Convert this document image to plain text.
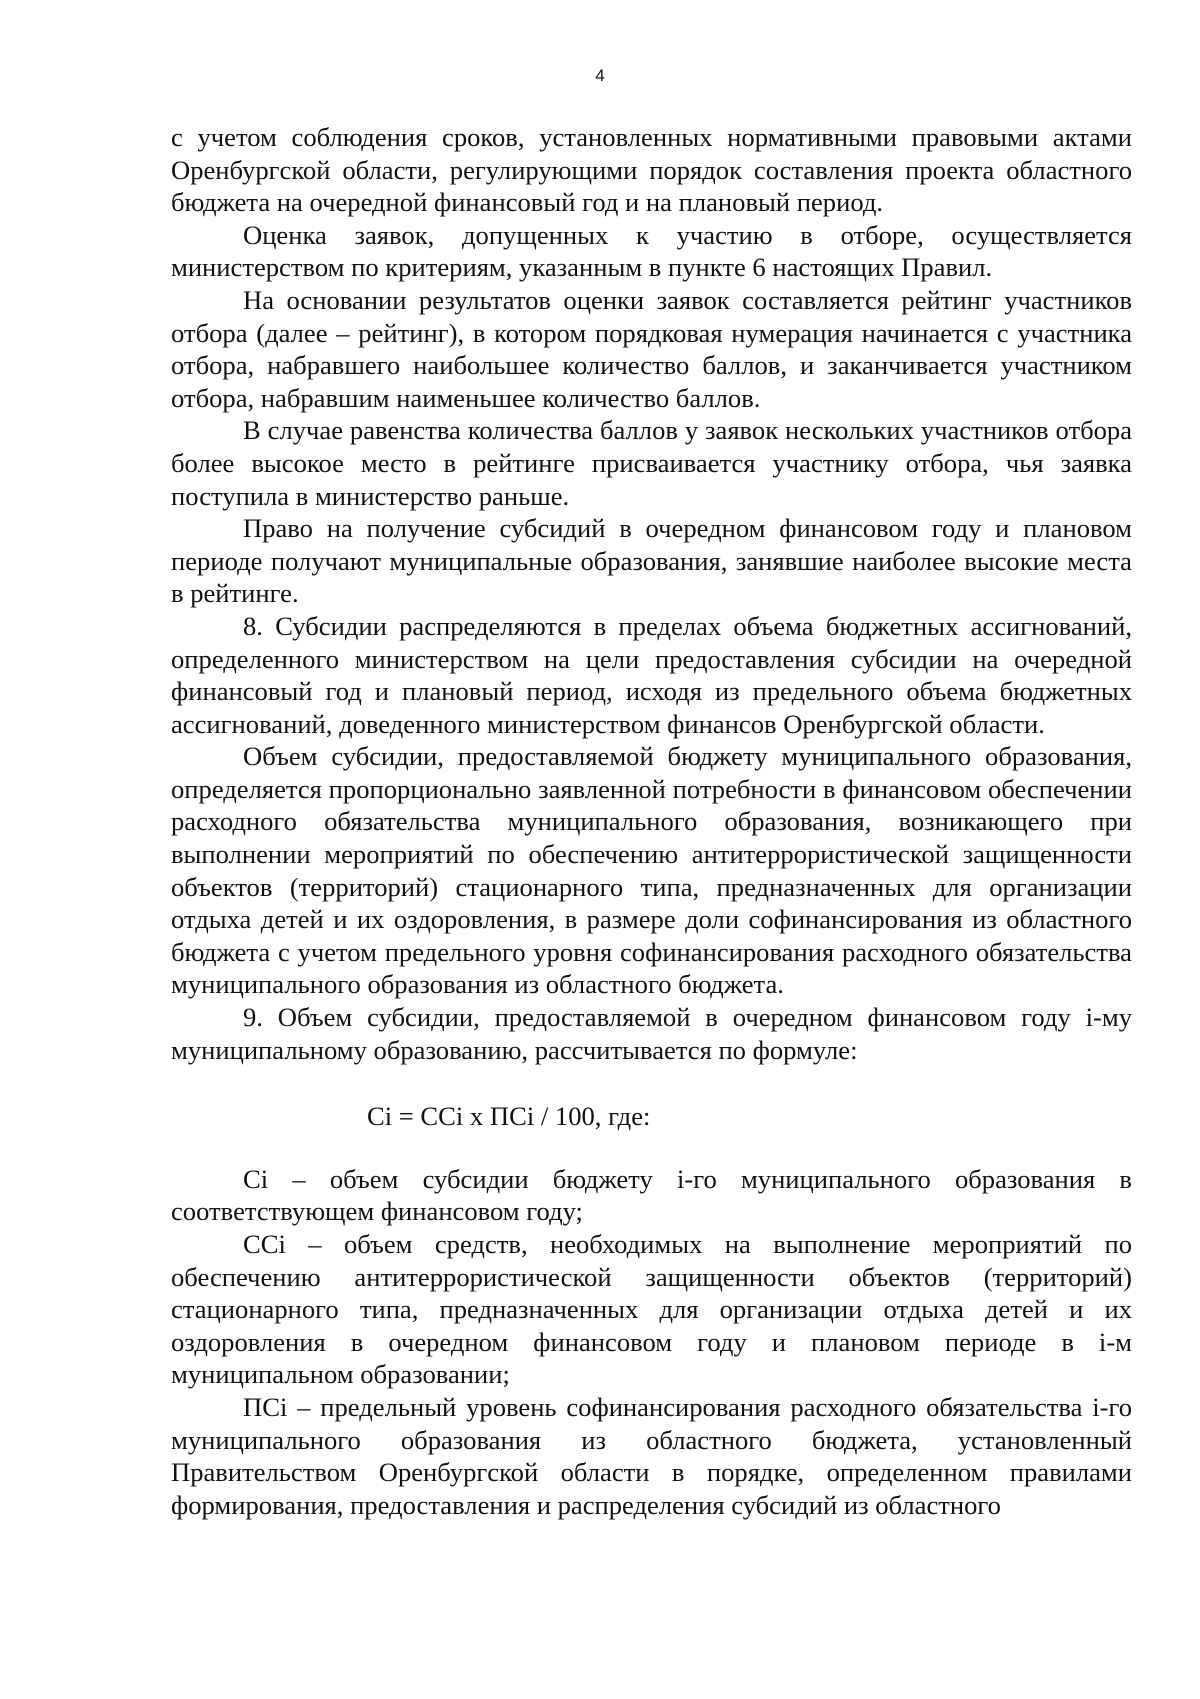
4

с учетом соблюдения сроков, установленных нормативными правовыми актами Оренбургской области, регулирующими порядок составления проекта областного бюджета на очередной финансовый год и на плановый период.

Оценка заявок, допущенных к участию в отборе, осуществляется министерством по критериям, указанным в пункте 6 настоящих Правил.

На основании результатов оценки заявок составляется рейтинг участников отбора (далее – рейтинг), в котором порядковая нумерация начинается с участника отбора, набравшего наибольшее количество баллов, и заканчивается участником отбора, набравшим наименьшее количество баллов.

В случае равенства количества баллов у заявок нескольких участников отбора более высокое место в рейтинге присваивается участнику отбора, чья заявка поступила в министерство раньше.

Право на получение субсидий в очередном финансовом году и плановом периоде получают муниципальные образования, занявшие наиболее высокие места в рейтинге.

8. Субсидии распределяются в пределах объема бюджетных ассигнований, определенного министерством на цели предоставления субсидии на очередной финансовый год и плановый период, исходя из предельного объема бюджетных ассигнований, доведенного министерством финансов Оренбургской области.

Объем субсидии, предоставляемой бюджету муниципального образования, определяется пропорционально заявленной потребности в финансовом обеспечении расходного обязательства муниципального образования, возникающего при выполнении мероприятий по обеспечению антитеррористической защищенности объектов (территорий) стационарного типа, предназначенных для организации отдыха детей и их оздоровления, в размере доли софинансирования из областного бюджета с учетом предельного уровня софинансирования расходного обязательства муниципального образования из областного бюджета.

9. Объем субсидии, предоставляемой в очередном финансовом году i-му муниципальному образованию, рассчитывается по формуле:

Ci = CCi x ПCi / 100, где:

Ci – объем субсидии бюджету i-го муниципального образования в соответствующем финансовом году;

CCi – объем средств, необходимых на выполнение мероприятий по обеспечению антитеррористической защищенности объектов (территорий) стационарного типа, предназначенных для организации отдыха детей и их оздоровления в очередном финансовом году и плановом периоде в i-м муниципальном образовании;

ПCi – предельный уровень софинансирования расходного обязательства i-го муниципального образования из областного бюджета, установленный Правительством Оренбургской области в порядке, определенном правилами формирования, предоставления и распределения субсидий из областного
